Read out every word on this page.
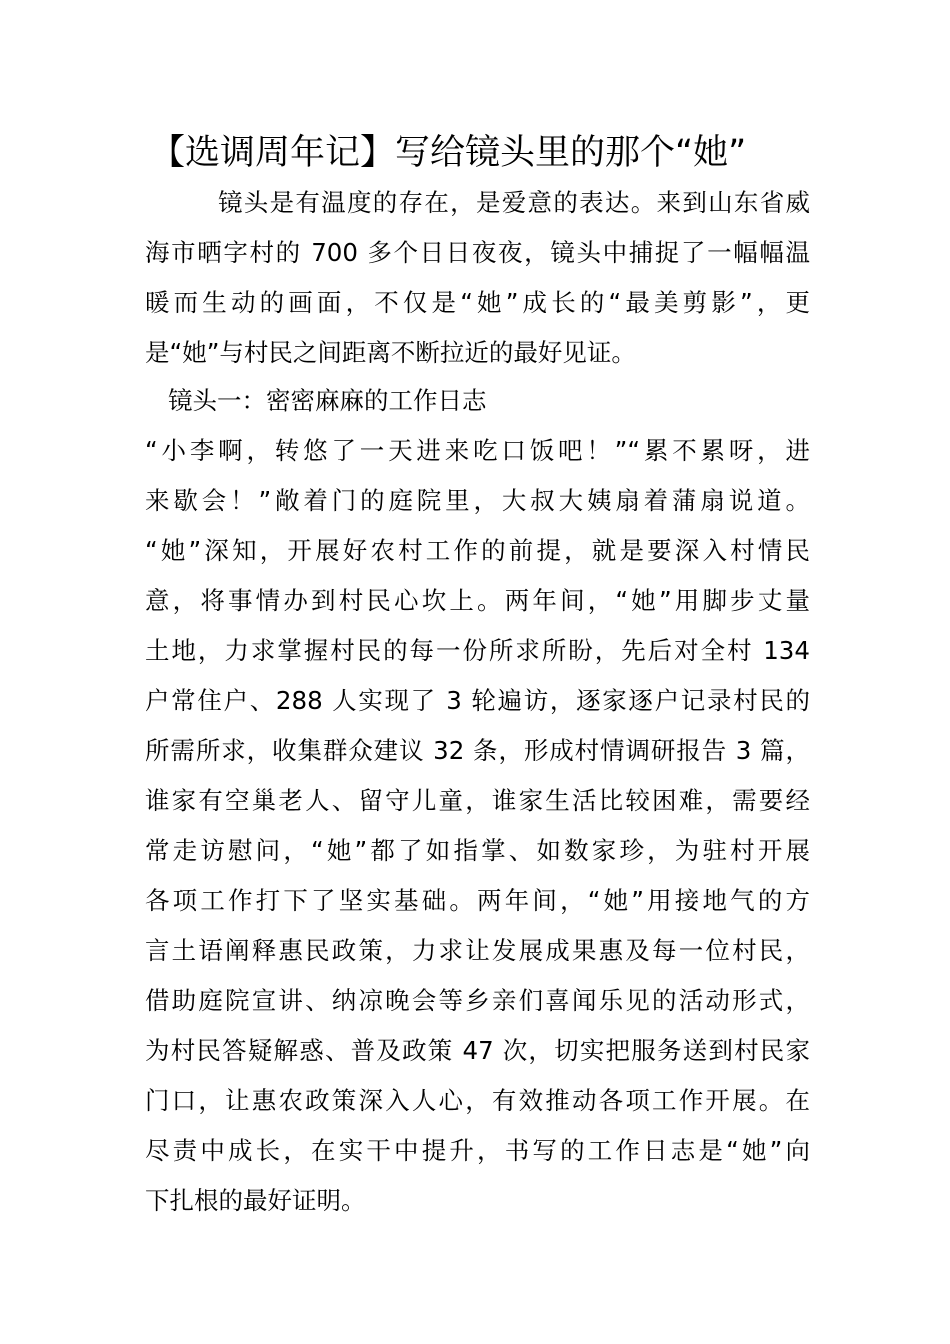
【选调周年记】写给镜头里的那个“她”
镜头是有温度的存在，是爱意的表达。来到山东省威
海市晒字村的 700 多个日日夜夜，镜头中捕捉了一幅幅温
暖而生动的画面，不仅是“她”成长的“最美剪影”，更
是“她”与村民之间距离不断拉近的最好见证。
镜头一：密密麻麻的工作日志
“小李啊，转悠了一天进来吃口饭吧！”“累不累呀，进
来歇会！”敞着门的庭院里，大叔大姨扇着蒲扇说道。
“她”深知，开展好农村工作的前提，就是要深入村情民
意，将事情办到村民心坎上。两年间，“她”用脚步丈量
土地，力求掌握村民的每一份所求所盼，先后对全村 134
户常住户、288 人实现了 3 轮遍访，逐家逐户记录村民的
所需所求，收集群众建议 32 条，形成村情调研报告 3 篇，
谁家有空巢老人、留守儿童，谁家生活比较困难，需要经
常走访慰问，“她”都了如指掌、如数家珍，为驻村开展
各项工作打下了坚实基础。两年间，“她”用接地气的方
言土语阐释惠民政策，力求让发展成果惠及每一位村民，
借助庭院宣讲、纳凉晚会等乡亲们喜闻乐见的活动形式，
为村民答疑解惑、普及政策 47 次，切实把服务送到村民家
门口，让惠农政策深入人心，有效推动各项工作开展。在
尽责中成长，在实干中提升，书写的工作日志是“她”向
下扎根的最好证明。
